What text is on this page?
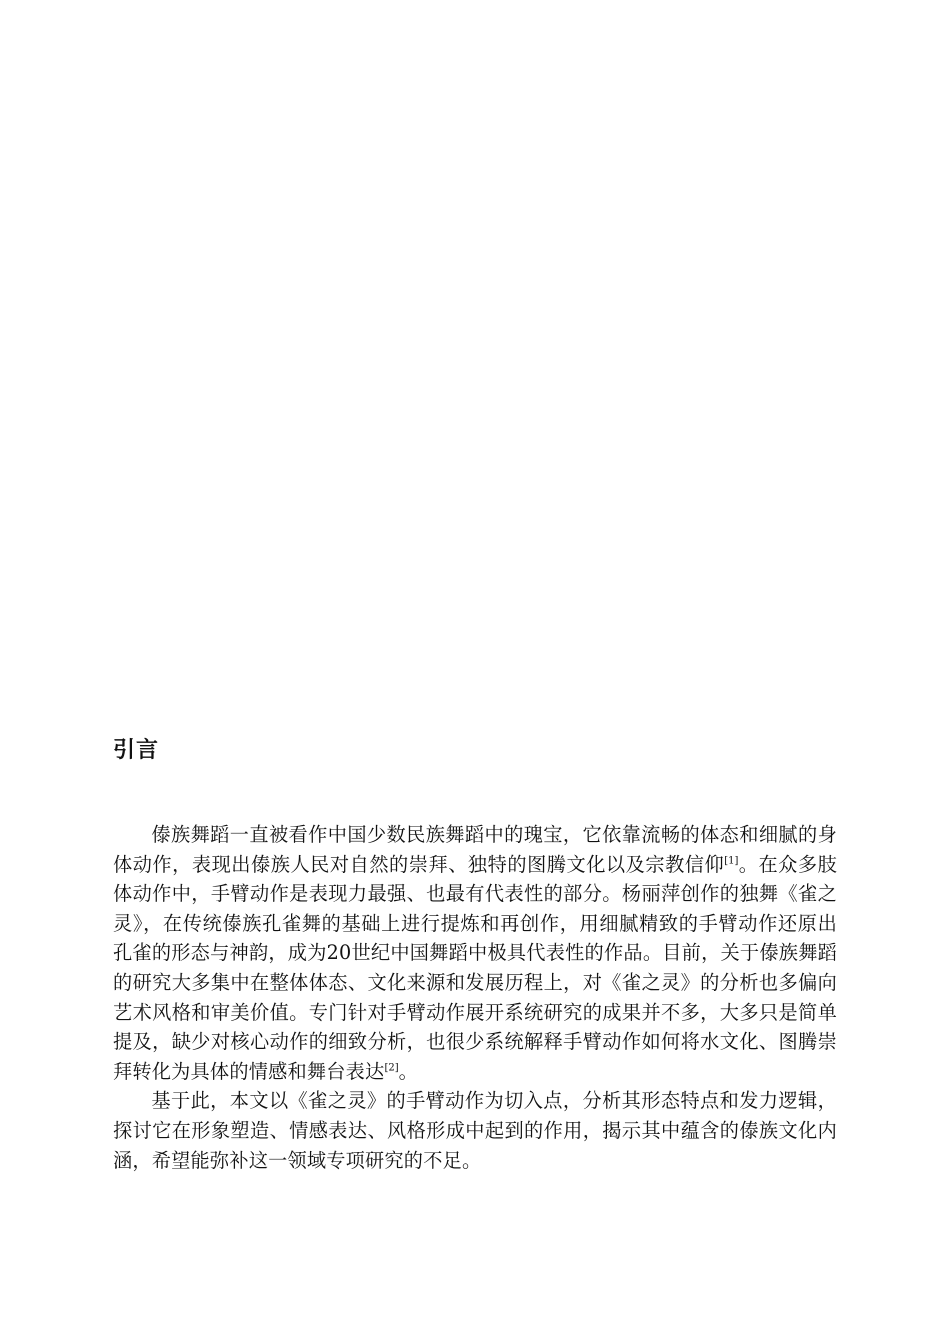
引言

傣族舞蹈一直被看作中国少数民族舞蹈中的瑰宝，它依靠流畅的体态和细腻的身体动作，表现出傣族人民对自然的崇拜、独特的图腾文化以及宗教信仰[1]。在众多肢体动作中，手臂动作是表现力最强、也最有代表性的部分。杨丽萍创作的独舞《雀之灵》，在传统傣族孔雀舞的基础上进行提炼和再创作，用细腻精致的手臂动作还原出孔雀的形态与神韵，成为20世纪中国舞蹈中极具代表性的作品。目前，关于傣族舞蹈的研究大多集中在整体体态、文化来源和发展历程上，对《雀之灵》的分析也多偏向艺术风格和审美价值。专门针对手臂动作展开系统研究的成果并不多，大多只是简单提及，缺少对核心动作的细致分析，也很少系统解释手臂动作如何将水文化、图腾崇拜转化为具体的情感和舞台表达[2]。

基于此，本文以《雀之灵》的手臂动作为切入点，分析其形态特点和发力逻辑，探讨它在形象塑造、情感表达、风格形成中起到的作用，揭示其中蕴含的傣族文化内涵，希望能弥补这一领域专项研究的不足。
